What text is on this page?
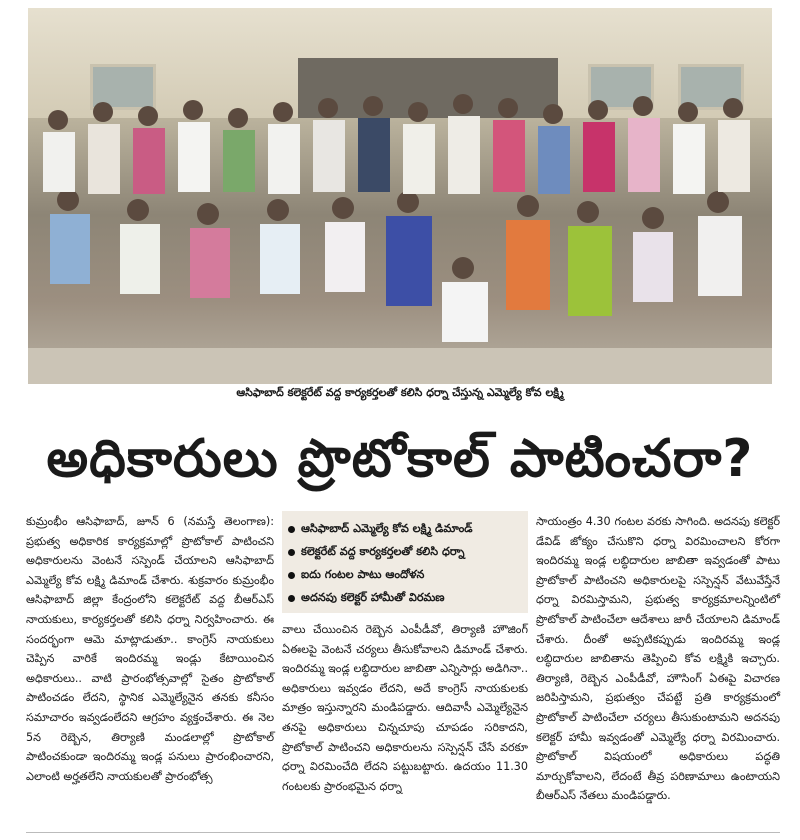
ఆసిఫాబాద్ కలెక్టరేట్ వద్ద కార్యకర్తలతో కలిసి ధర్నా చేస్తున్న ఎమ్మెల్యే కోవ లక్ష్మి
అధికారులు ప్రొటోకాల్ పాటించరా?
కుమ్రంభీం ఆసిఫాబాద్, జూన్ 6 (నమస్తే తెలంగాణ): ప్రభుత్వ అధికారిక కార్యక్రమాల్లో ప్రొటోకాల్ పాటించని అధికారులను వెంటనే సస్పెండ్ చేయాలని ఆసిఫాబాద్ ఎమ్మెల్యే కోవ లక్ష్మి డిమాండ్ చేశారు. శుక్రవారం కుమ్రంభీం ఆసిఫాబాద్ జిల్లా కేంద్రంలోని కలెక్టరేట్ వద్ద బీఆర్ఎస్ నాయకులు, కార్యకర్తలతో కలిసి ధర్నా నిర్వహించారు. ఈ సందర్భంగా ఆమె మాట్లాడుతూ.. కాంగ్రెస్ నాయకులు చెప్పిన వారికే ఇందిరమ్మ ఇండ్లు కేటాయించిన అధికారులు.. వాటి ప్రారంభోత్సవాల్లో సైతం ప్రొటోకాల్ పాటించడం లేదని, స్థానిక ఎమ్మెల్యేనైన తనకు కనీసం సమాచారం ఇవ్వడంలేదని ఆగ్రహం వ్యక్తంచేశారు. ఈ నెల 5న రెబ్బెన, తిర్యాణి మండలాల్లో ప్రొటోకాల్ పాటించకుండా ఇందిరమ్మ ఇండ్ల పనులు ప్రారంభించారని, ఎలాంటి అర్హతలేని నాయకులతో ప్రారంభోత్స
ఆసిఫాబాద్ ఎమ్మెల్యే కోవ లక్ష్మి డిమాండ్
కలెక్టరేట్ వద్ద కార్యకర్తలతో కలిసి ధర్నా
ఐదు గంటల పాటు ఆందోళన
అదనపు కలెక్టర్ హామీతో విరమణ
వాలు చేయించిన రెబ్బెన ఎంపీడీవో, తిర్యాణి హౌజింగ్ ఏఈలపై వెంటనే చర్యలు తీసుకోవాలని డిమాండ్ చేశారు. ఇందిరమ్మ ఇండ్ల లబ్ధిదారుల జాబితా ఎన్నిసార్లు అడిగినా.. అధికారులు ఇవ్వడం లేదని, అదే కాంగ్రెస్ నాయకులకు మాత్రం ఇస్తున్నారని మండిపడ్డారు. ఆదివాసీ ఎమ్మెల్యేనైన తనపై అధికారులు చిన్నచూపు చూపడం సరికాదని, ప్రొటోకాల్ పాటించని అధికారులను సస్పెన్షన్ చేసే వరకూ ధర్నా విరమించేది లేదని పట్టుబట్టారు. ఉదయం 11.30 గంటలకు ప్రారంభమైన ధర్నా
సాయంత్రం 4.30 గంటల వరకు సాగింది. అదనపు కలెక్టర్ డేవిడ్ జోక్యం చేసుకొని ధర్నా విరమించాలని కోరగా ఇందిరమ్మ ఇండ్ల లబ్ధిదారుల జాబితా ఇవ్వడంతో పాటు ప్రొటోకాల్ పాటించని అధికారులపై సస్పెన్షన్ వేటువేస్తేనే ధర్నా విరమిస్తామని, ప్రభుత్వ కార్యక్రమాలన్నింటిలో ప్రొటోకాల్ పాటించేలా ఆదేశాలు జారీ చేయాలని డిమాండ్ చేశారు. దీంతో అప్పటికప్పుడు ఇందిరమ్మ ఇండ్ల లబ్ధిదారుల జాబితాను తెప్పించి కోవ లక్ష్మికి ఇచ్చారు. తిర్యాణి, రెబ్బెన ఎంపీడీవో, హౌసింగ్ ఏఈపై విచారణ జరిపిస్తామని, ప్రభుత్వం చేపట్టే ప్రతి కార్యక్రమంలో ప్రొటోకాల్ పాటించేలా చర్యలు తీసుకుంటామని అదనపు కలెక్టర్ హామీ ఇవ్వడంతో ఎమ్మెల్యే ధర్నా విరమించారు. ప్రొటోకాల్ విషయంలో అధికారులు పద్ధతి మార్చుకోవాలని, లేదంటే తీవ్ర పరిణామాలు ఉంటాయని బీఆర్ఎస్ నేతలు మండిపడ్డారు.
